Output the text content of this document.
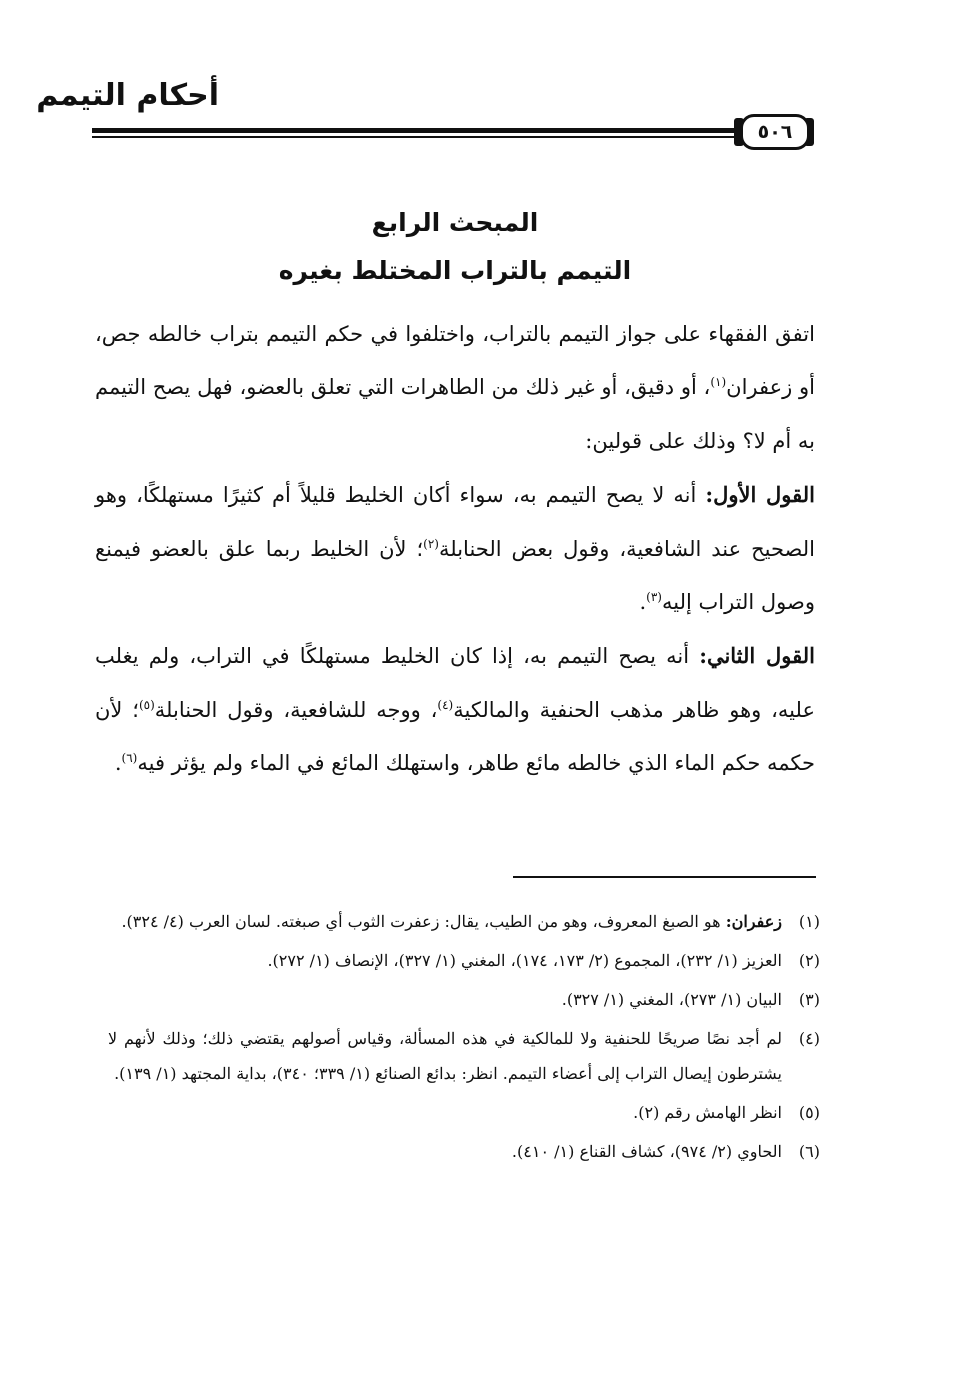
أحكام التيمم
٥٠٦
المبحث الرابع
التيمم بالتراب المختلط بغيره

اتفق الفقهاء على جواز التيمم بالتراب، واختلفوا في حكم التيمم بتراب خالطه جص، أو زعفران$^{(١)}$، أو دقيق، أو غير ذلك من الطاهرات التي تعلق بالعضو، فهل يصح التيمم به أم لا؟ وذلك على قولين:

القول الأول: أنه لا يصح التيمم به، سواء أكان الخليط قليلاً أم كثيرًا مستهلكًا، وهو الصحيح عند الشافعية، وقول بعض الحنابلة$^{(٢)}$؛ لأن الخليط ربما علق بالعضو فيمنع وصول التراب إليه$^{(٣)}$.

القول الثاني: أنه يصح التيمم به، إذا كان الخليط مستهلكًا في التراب، ولم يغلب عليه، وهو ظاهر مذهب الحنفية والمالكية$^{(٤)}$، ووجه للشافعية، وقول الحنابلة$^{(٥)}$؛ لأن حكمه حكم الماء الذي خالطه مائع طاهر، واستهلك المائع في الماء ولم يؤثر فيه$^{(٦)}$.

(١)
زعفران: هو الصبغ المعروف، وهو من الطيب، يقال: زعفرت الثوب أي صبغته. لسان العرب (٤/ ٣٢٤).
(٢)
العزيز (١/ ٢٣٢)، المجموع (٢/ ١٧٣، ١٧٤)، المغني (١/ ٣٢٧)، الإنصاف (١/ ٢٧٢).
(٣)
البيان (١/ ٢٧٣)، المغني (١/ ٣٢٧).
(٤)
لم أجد نصًا صريحًا للحنفية ولا للمالكية في هذه المسألة، وقياس أصولهم يقتضي ذلك؛ وذلك لأنهم لا يشترطون إيصال التراب إلى أعضاء التيمم. انظر: بدائع الصنائع (١/ ٣٣٩؛ ٣٤٠)، بداية المجتهد (١/ ١٣٩).
(٥)
انظر الهامش رقم (٢).
(٦)
الحاوي (٢/ ٩٧٤)، كشاف القناع (١/ ٤١٠).
